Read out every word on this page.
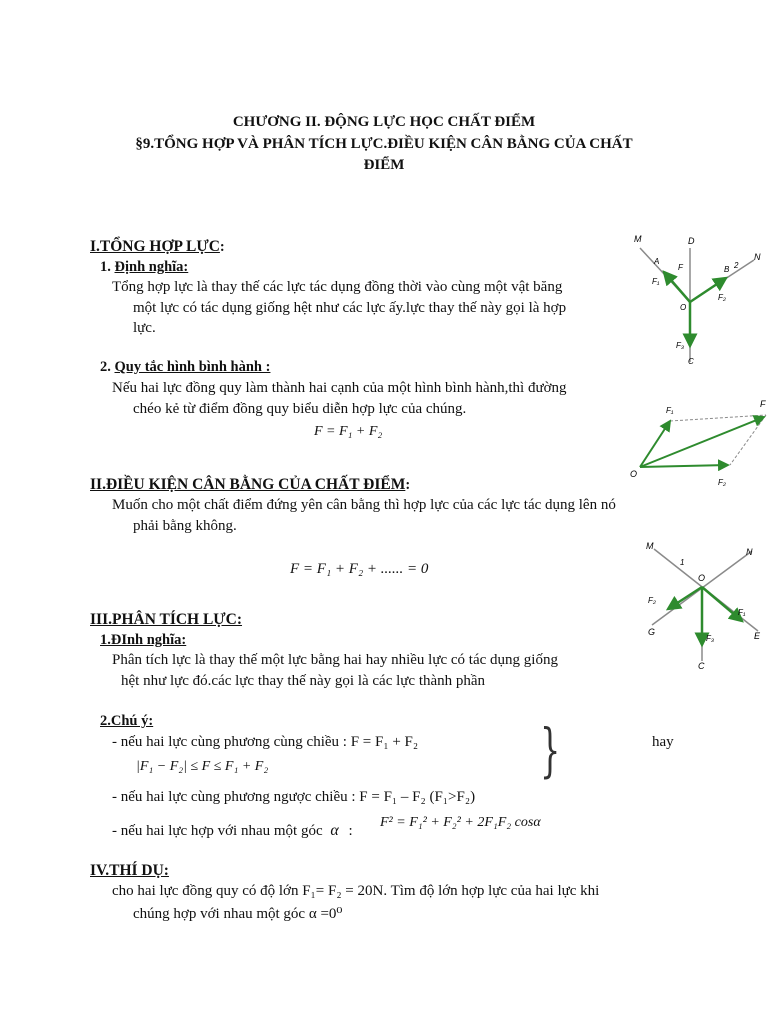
CHƯƠNG II. ĐỘNG LỰC HỌC CHẤT ĐIỂM
§9.TỔNG HỢP VÀ PHÂN TÍCH LỰC.ĐIỀU KIỆN CÂN BẰNG CỦA CHẤT
ĐIỂM
I.TỔNG HỢP LỰC:
1. Định nghĩa:
Tổng hợp lực là thay thế các lực tác dụng đồng thời vào cùng một vật băng
một lực có tác dụng giống hệt như các lực ấy.lực thay thế này gọi là hợp
lực.
2. Quy tắc hình bình hành :
Nếu hai lực đồng quy làm thành hai cạnh của một hình bình hành,thì đường
chéo kẻ từ điểm đồng quy biểu diễn hợp lực của chúng.
F = F₁ + F₂
II.ĐIỀU KIỆN CÂN BẰNG CỦA CHẤT ĐIỂM:
Muốn cho một chất điểm đứng yên cân bằng thì hợp lực của các lực tác dụng lên nó
phải bằng không.
F = F₁ + F₂ + ...... = 0
III.PHÂN TÍCH LỰC:
1.ĐInh nghĩa:
Phân tích lực là thay thế một lực bằng hai hay nhiều lực có tác dụng giống
hệt như lực đó.các lực thay thế này gọi là các lực thành phần
2.Chú ý:
- nếu hai lực cùng phương cùng chiều : F = F₁ + F₂ }	hay
|F₁ − F₂| ≤ F ≤ F₁ + F₂
- nếu hai lực cùng phương ngược chiều : F = F₁ – F₂ (F₁>F₂)
- nếu hai lực hợp với nhau một góc α :
F² = F₁² + F₂² + 2F₁F₂ cosα
IV.THÍ DỤ:
cho hai lực đồng quy có độ lớn F₁= F₂ = 20N. Tìm độ lớn hợp lực của hai lực khi
chúng hợp với nhau một góc α =0⁰
M	D
N
A
F	B 2
F₁
O
F₂
F₃
C
F₁
F
O
F₂
M
1
N
O
F₂
F₁
G	E
F₃
C
